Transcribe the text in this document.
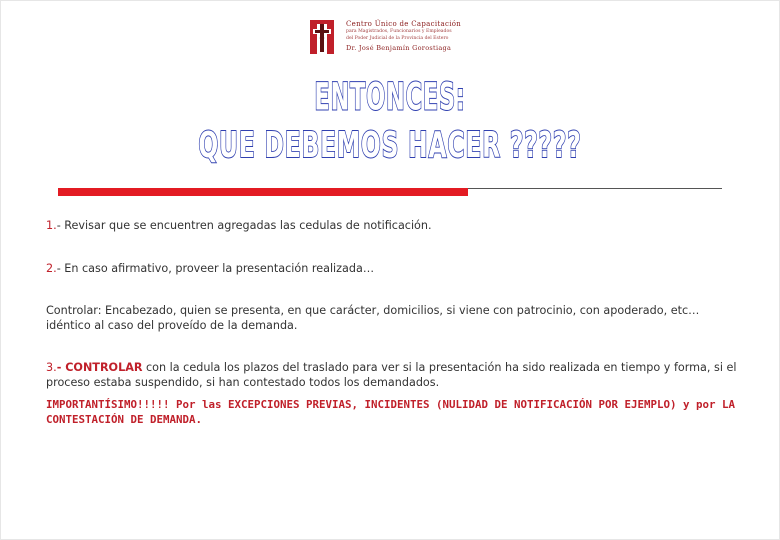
Centro Único de Capacitación
para Magistrados, Funcionarios y Empleados
del Poder Judicial de la Provincia del Estero
Dr. José Benjamín Gorostiaga
ENTONCES:
QUE DEBEMOS HACER ?????
1.- Revisar que se encuentren agregadas las cedulas de notificación.
2.- En caso afirmativo, proveer la presentación realizada…
Controlar: Encabezado, quien se presenta, en que carácter, domicilios, si viene con patrocinio, con apoderado, etc… idéntico al caso del proveído de la demanda.
3.- CONTROLAR con la cedula los plazos del traslado para ver si la presentación ha sido realizada en tiempo y forma, si el proceso estaba suspendido, si han contestado todos los demandados.
IMPORTANTÍSIMO!!!!! Por las EXCEPCIONES PREVIAS, INCIDENTES (NULIDAD DE NOTIFICACIÓN POR EJEMPLO) y por LA CONTESTACIÓN DE DEMANDA.
